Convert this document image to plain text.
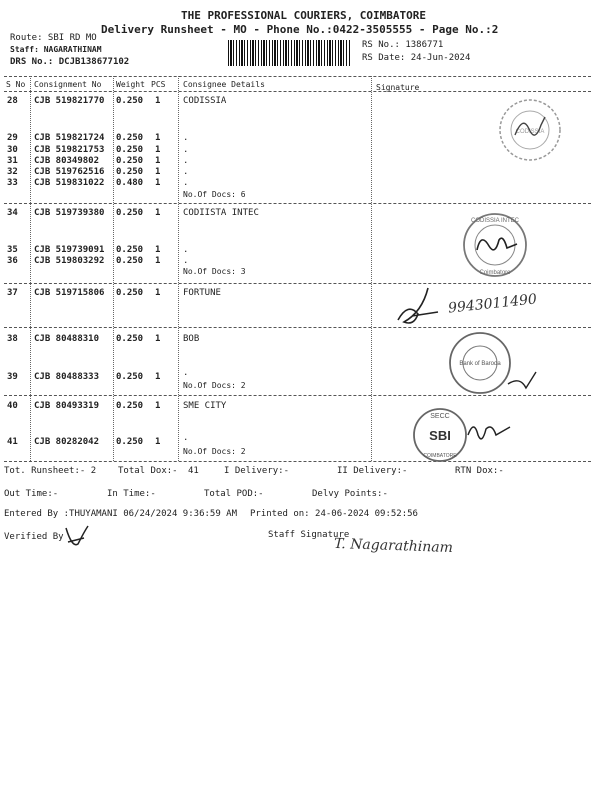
THE PROFESSIONAL COURIERS, COIMBATORE
Delivery Runsheet - MO - Phone No.:0422-3505555 - Page No.:2
Route: SBI RD MO
Staff: NAGARATHINAM
DRS No.: DCJB138677102
RS No.: 1386771
RS Date: 24-Jun-2024
S No Consignment No Weight PCS Consignee Details	Signature
28 CJB 519821770 0.250 1	CODISSIA
29 CJB 519821724 0.250 1	.
30 CJB 519821753 0.250 1	.
31 CJB 80349802 0.250 1	.
32 CJB 519762516 0.250 1	.
33 CJB 519831022 0.480 1	.
No.Of Docs: 6
34 CJB 519739380 0.250 1	CODIISTA INTEC
35 CJB 519739091 0.250 1	.
36 CJB 519803292 0.250 1	.
No.Of Docs: 3
37 CJB 519715806 0.250 1	FORTUNE
38 CJB 80488310 0.250 1	BOB
39 CJB 80488333 0.250 1	.
No.Of Docs: 2
40 CJB 80493319 0.250 1	SME CITY
41 CJB 80282042 0.250 1	.
No.Of Docs: 2
CODISSIA
CODISSIA INTEC
Coimbatore
9943011490
Bank of Baroda
SECC
SBI
COIMBATORE
Tot. Runsheet:- 2 Total Dox:- 41	I Delivery:-	II Delivery:-	RTN Dox:-
Out Time:-	In Time:-	Total POD:-	Delvy Points:-
Entered By :THUYAMANI 06/24/2024 9:36:59 AM Printed on: 24-06-2024 09:52:56
Verified By	Staff Signature
T. Nagarathinam
